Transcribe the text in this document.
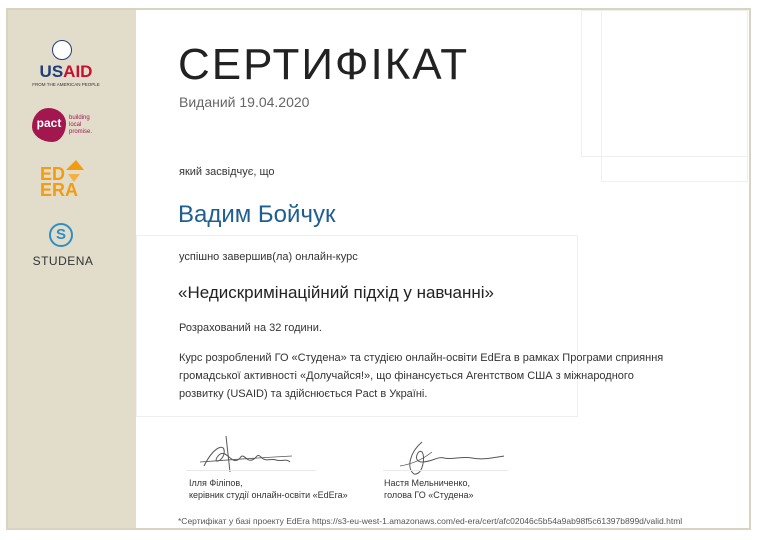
USAID
FROM THE AMERICAN PEOPLE
pact	building
local
promise.
ED
ERA
S
STUDENA
СЕРТИФІКАТ
Виданий 19.04.2020
який засвідчує, що
Вадим Бойчук
успішно завершив(ла) онлайн-курс
«Недискримінаційний підхід у навчанні»
Розрахований на 32 години.
Курс розроблений ГО «Студена» та студією онлайн-освіти EdEra в рамках Програми сприяння
громадської активності «Долучайся!», що фінансується Агентством США з міжнародного
розвитку (USAID) та здійснюється Pact в Україні.
Ілля Філіпов,
керівник студії онлайн-освіти «EdEra»
Настя Мельниченко,
голова ГО «Студена»
*Сертифікат у базі проекту EdEra https://s3-eu-west-1.amazonaws.com/ed-era/cert/afc02046c5b54a9ab98f5c61397b899d/valid.html
